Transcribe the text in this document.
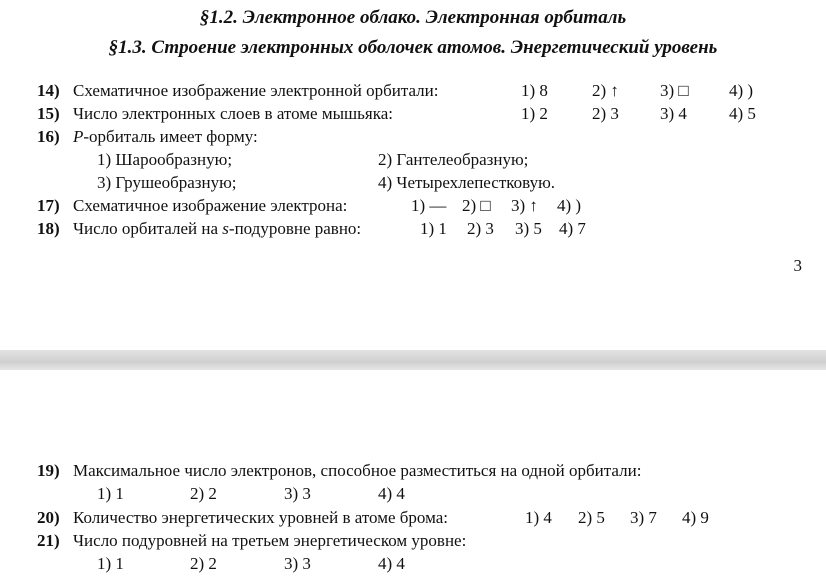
§1.2. Электронное облако. Электронная орбиталь
§1.3. Строение электронных оболочек атомов. Энергетический уровень
14) Схематичное изображение электронной орбитали:	1) 8	2) ↑ 3) □ 4) )
15) Число электронных слоев в атоме мышьяка:	1) 2	2) 3 3) 4 4) 5
16) Р-орбиталь имеет форму:
1) Шарообразную;	2) Гантелеобразную;
3) Грушеобразную;	4) Четырехлепестковую.
17) Схематичное изображение электрона:	1) — 2) □ 3) ↑ 4) )
18) Число орбиталей на s-подуровне равно:	1) 1 2) 3 3) 5 4) 7
3
19) Максимальное число электронов, способное разместиться на одной орбитали:
1) 1	2) 2	3) 3	4) 4
20) Количество энергетических уровней в атоме брома:	1) 4 2) 5 3) 7 4) 9
21) Число подуровней на третьем энергетическом уровне:
1) 1	2) 2	3) 3	4) 4
